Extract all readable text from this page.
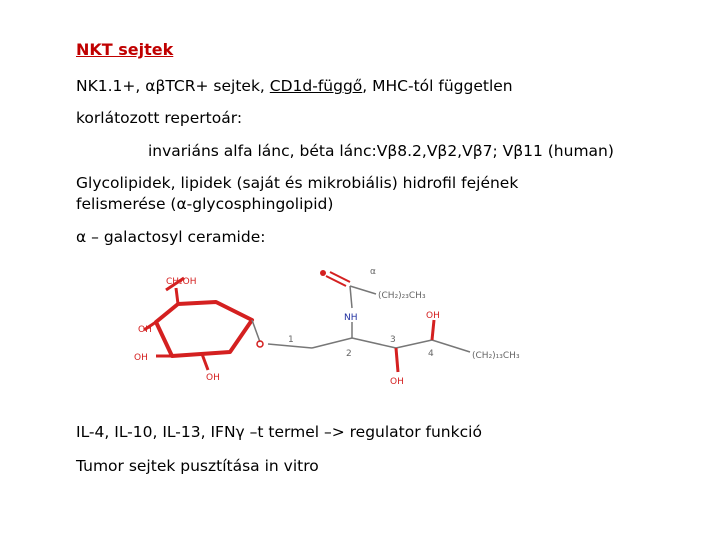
NKT sejtek
NK1.1+, αβTCR+ sejtek, CD1d-függő, MHC-tól független
korlátozott repertoár:
invariáns alfa lánc, béta lánc:Vβ8.2,Vβ2,Vβ7; Vβ11 (human)
Glycolipidek, lipidek (saját és mikrobiális) hidrofil fejének
felismerése (α-glycosphingolipid)
α – galactosyl ceramide:
CH₂OH
OH
OH
OH
NH
α
(CH₂)₂₃CH₃
OH
OH
(CH₂)₁₃CH₃
1
2
3
4
IL-4, IL-10, IL-13, IFNγ –t termel –> regulator funkció
Tumor sejtek pusztítása in vitro
